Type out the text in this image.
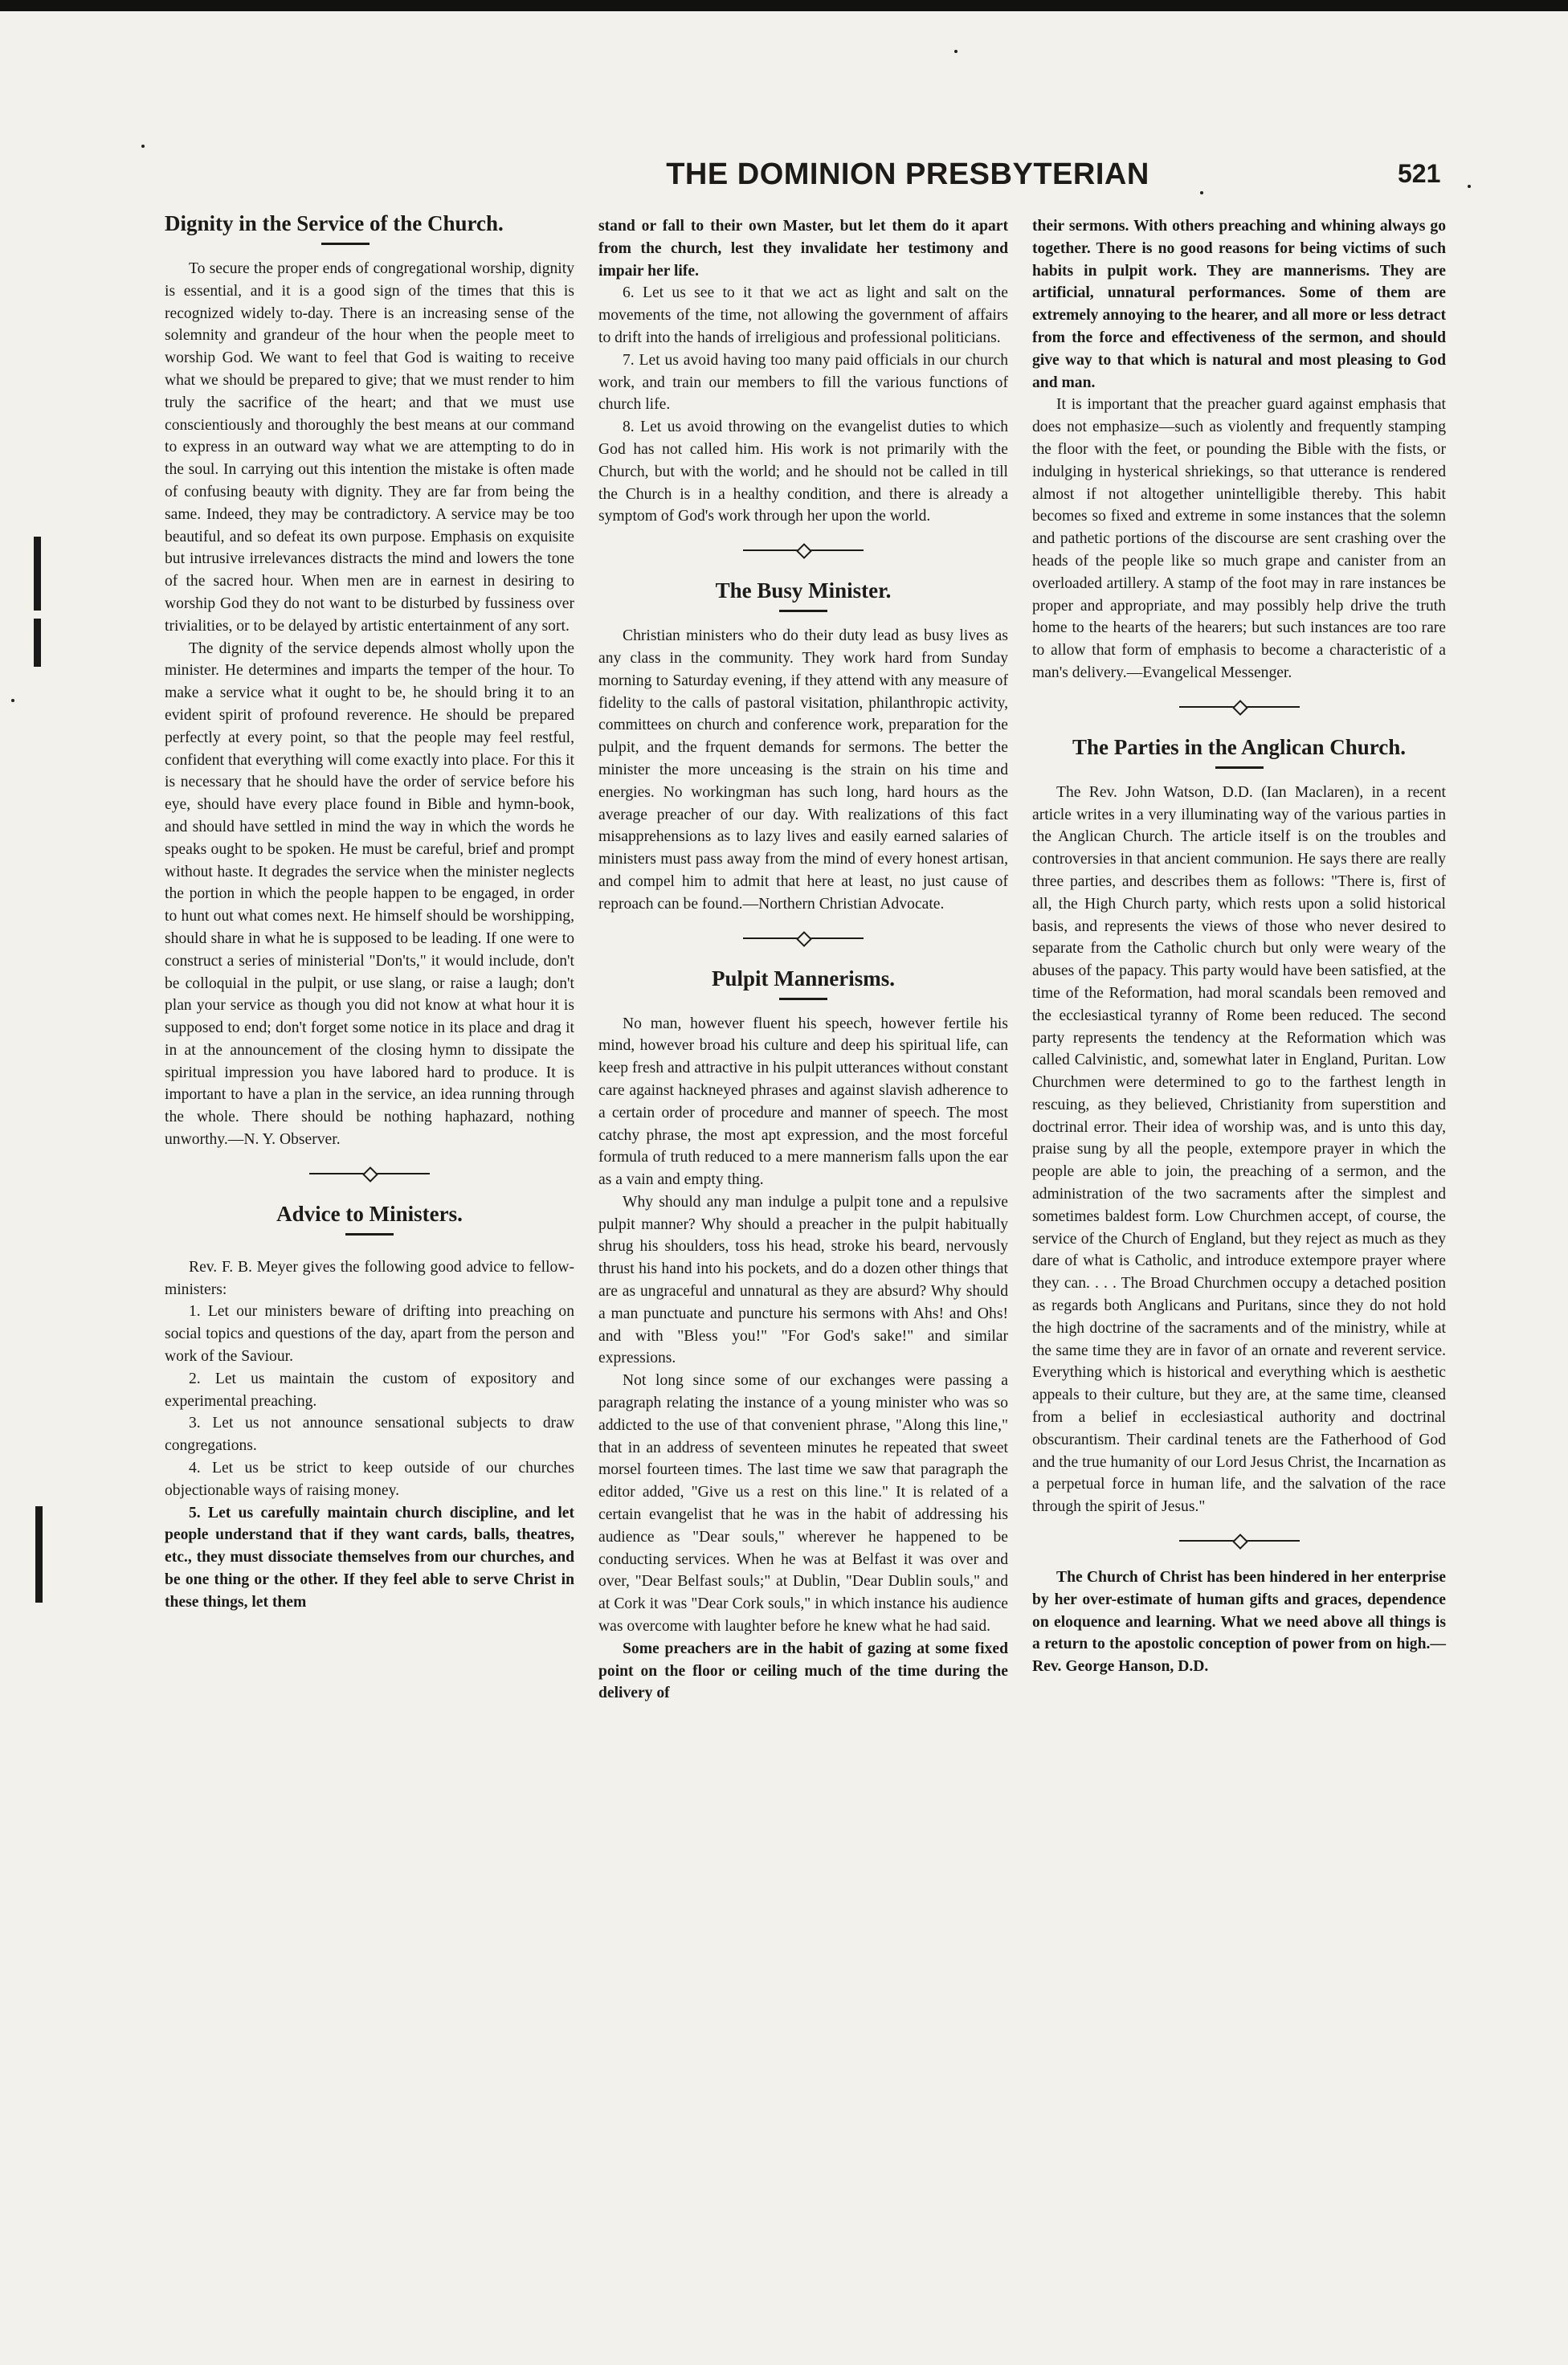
THE DOMINION PRESBYTERIAN	521
Dignity in the Service of the Church.

To secure the proper ends of congregational worship, dignity is essential, and it is a good sign of the times that this is recognized widely to-day. There is an increasing sense of the solemnity and grandeur of the hour when the people meet to worship God. We want to feel that God is waiting to receive what we should be prepared to give; that we must render to him truly the sacrifice of the heart; and that we must use conscientiously and thoroughly the best means at our command to express in an outward way what we are attempting to do in the soul. In carrying out this intention the mistake is often made of confusing beauty with dignity. They are far from being the same. Indeed, they may be contradictory. A service may be too beautiful, and so defeat its own purpose. Emphasis on exquisite but intrusive irrelevances distracts the mind and lowers the tone of the sacred hour. When men are in earnest in desiring to worship God they do not want to be disturbed by fussiness over trivialities, or to be delayed by artistic entertainment of any sort.

The dignity of the service depends almost wholly upon the minister. He determines and imparts the temper of the hour. To make a service what it ought to be, he should bring it to an evident spirit of profound reverence. He should be prepared perfectly at every point, so that the people may feel restful, confident that everything will come exactly into place. For this it is necessary that he should have the order of service before his eye, should have every place found in Bible and hymn-book, and should have settled in mind the way in which the words he speaks ought to be spoken. He must be careful, brief and prompt without haste. It degrades the service when the minister neglects the portion in which the people happen to be engaged, in order to hunt out what comes next. He himself should be worshipping, should share in what he is supposed to be leading. If one were to construct a series of ministerial "Don'ts," it would include, don't be colloquial in the pulpit, or use slang, or raise a laugh; don't plan your service as though you did not know at what hour it is supposed to end; don't forget some notice in its place and drag it in at the announcement of the closing hymn to dissipate the spiritual impression you have labored hard to produce. It is important to have a plan in the service, an idea running through the whole. There should be nothing haphazard, nothing unworthy.—N. Y. Observer.

Advice to Ministers.

Rev. F. B. Meyer gives the following good advice to fellow-ministers:

1. Let our ministers beware of drifting into preaching on social topics and questions of the day, apart from the person and work of the Saviour.

2. Let us maintain the custom of expository and experimental preaching.

3. Let us not announce sensational subjects to draw congregations.

4. Let us be strict to keep outside of our churches objectionable ways of raising money.

5. Let us carefully maintain church discipline, and let people understand that if they want cards, balls, theatres, etc., they must dissociate themselves from our churches, and be one thing or the other. If they feel able to serve Christ in these things, let them

stand or fall to their own Master, but let them do it apart from the church, lest they invalidate her testimony and impair her life.

6. Let us see to it that we act as light and salt on the movements of the time, not allowing the government of affairs to drift into the hands of irreligious and professional politicians.

7. Let us avoid having too many paid officials in our church work, and train our members to fill the various functions of church life.

8. Let us avoid throwing on the evangelist duties to which God has not called him. His work is not primarily with the Church, but with the world; and he should not be called in till the Church is in a healthy condition, and there is already a symptom of God's work through her upon the world.

The Busy Minister.

Christian ministers who do their duty lead as busy lives as any class in the community. They work hard from Sunday morning to Saturday evening, if they attend with any measure of fidelity to the calls of pastoral visitation, philanthropic activity, committees on church and conference work, preparation for the pulpit, and the frquent demands for sermons. The better the minister the more unceasing is the strain on his time and energies. No workingman has such long, hard hours as the average preacher of our day. With realizations of this fact misapprehensions as to lazy lives and easily earned salaries of ministers must pass away from the mind of every honest artisan, and compel him to admit that here at least, no just cause of reproach can be found.—Northern Christian Advocate.

Pulpit Mannerisms.

No man, however fluent his speech, however fertile his mind, however broad his culture and deep his spiritual life, can keep fresh and attractive in his pulpit utterances without constant care against hackneyed phrases and against slavish adherence to a certain order of procedure and manner of speech. The most catchy phrase, the most apt expression, and the most forceful formula of truth reduced to a mere mannerism falls upon the ear as a vain and empty thing.

Why should any man indulge a pulpit tone and a repulsive pulpit manner? Why should a preacher in the pulpit habitually shrug his shoulders, toss his head, stroke his beard, nervously thrust his hand into his pockets, and do a dozen other things that are as ungraceful and unnatural as they are absurd? Why should a man punctuate and puncture his sermons with Ahs! and Ohs! and with "Bless you!" "For God's sake!" and similar expressions.

Not long since some of our exchanges were passing a paragraph relating the instance of a young minister who was so addicted to the use of that convenient phrase, "Along this line," that in an address of seventeen minutes he repeated that sweet morsel fourteen times. The last time we saw that paragraph the editor added, "Give us a rest on this line." It is related of a certain evangelist that he was in the habit of addressing his audience as "Dear souls," wherever he happened to be conducting services. When he was at Belfast it was over and over, "Dear Belfast souls;" at Dublin, "Dear Dublin souls," and at Cork it was "Dear Cork souls," in which instance his audience was overcome with laughter before he knew what he had said.

Some preachers are in the habit of gazing at some fixed point on the floor or ceiling much of the time during the delivery of

their sermons. With others preaching and whining always go together. There is no good reasons for being victims of such habits in pulpit work. They are mannerisms. They are artificial, unnatural performances. Some of them are extremely annoying to the hearer, and all more or less detract from the force and effectiveness of the sermon, and should give way to that which is natural and most pleasing to God and man.

It is important that the preacher guard against emphasis that does not emphasize—such as violently and frequently stamping the floor with the feet, or pounding the Bible with the fists, or indulging in hysterical shriekings, so that utterance is rendered almost if not altogether unintelligible thereby. This habit becomes so fixed and extreme in some instances that the solemn and pathetic portions of the discourse are sent crashing over the heads of the people like so much grape and canister from an overloaded artillery. A stamp of the foot may in rare instances be proper and appropriate, and may possibly help drive the truth home to the hearts of the hearers; but such instances are too rare to allow that form of emphasis to become a characteristic of a man's delivery.—Evangelical Messenger.

The Parties in the Anglican Church.

The Rev. John Watson, D.D. (Ian Maclaren), in a recent article writes in a very illuminating way of the various parties in the Anglican Church. The article itself is on the troubles and controversies in that ancient communion. He says there are really three parties, and describes them as follows: "There is, first of all, the High Church party, which rests upon a solid historical basis, and represents the views of those who never desired to separate from the Catholic church but only were weary of the abuses of the papacy. This party would have been satisfied, at the time of the Reformation, had moral scandals been removed and the ecclesiastical tyranny of Rome been reduced. The second party represents the tendency at the Reformation which was called Calvinistic, and, somewhat later in England, Puritan. Low Churchmen were determined to go to the farthest length in rescuing, as they believed, Christianity from superstition and doctrinal error. Their idea of worship was, and is unto this day, praise sung by all the people, extempore prayer in which the people are able to join, the preaching of a sermon, and the administration of the two sacraments after the simplest and sometimes baldest form. Low Churchmen accept, of course, the service of the Church of England, but they reject as much as they dare of what is Catholic, and introduce extempore prayer where they can. . . . The Broad Churchmen occupy a detached position as regards both Anglicans and Puritans, since they do not hold the high doctrine of the sacraments and of the ministry, while at the same time they are in favor of an ornate and reverent service. Everything which is historical and everything which is aesthetic appeals to their culture, but they are, at the same time, cleansed from a belief in ecclesiastical authority and doctrinal obscurantism. Their cardinal tenets are the Fatherhood of God and the true humanity of our Lord Jesus Christ, the Incarnation as a perpetual force in human life, and the salvation of the race through the spirit of Jesus."

The Church of Christ has been hindered in her enterprise by her over-estimate of human gifts and graces, dependence on eloquence and learning. What we need above all things is a return to the apostolic conception of power from on high.—Rev. George Hanson, D.D.
